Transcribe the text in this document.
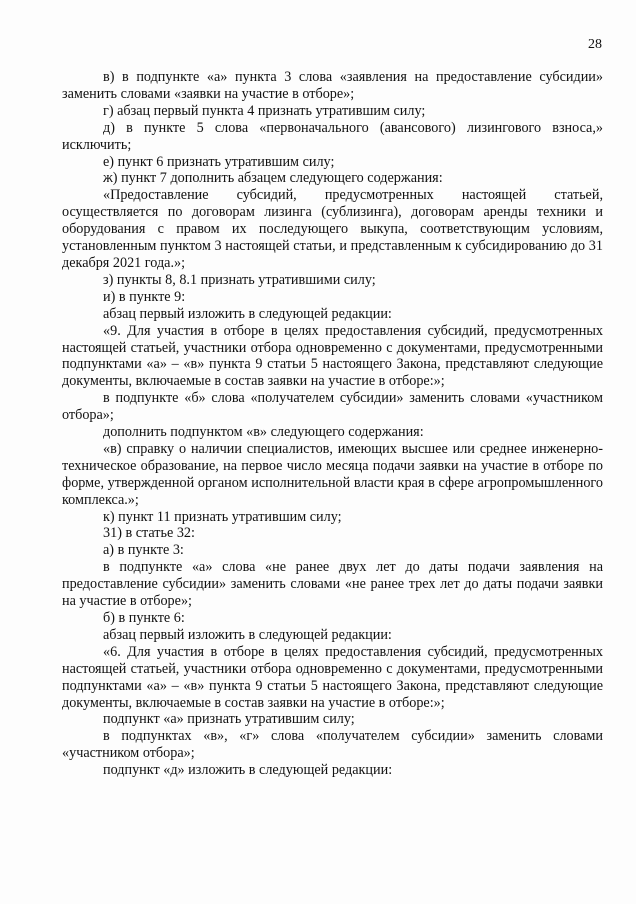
28

в) в подпункте «а» пункта 3 слова «заявления на предоставление субсидии» заменить словами «заявки на участие в отборе»;

г) абзац первый пункта 4 признать утратившим силу;

д) в пункте 5 слова «первоначального (авансового) лизингового взноса,» исключить;

е) пункт 6 признать утратившим силу;

ж) пункт 7 дополнить абзацем следующего содержания:

«Предоставление субсидий, предусмотренных настоящей статьей, осуществляется по договорам лизинга (сублизинга), договорам аренды техники и оборудования с правом их последующего выкупа, соответствующим условиям, установленным пунктом 3 настоящей статьи, и представленным к субсидированию до 31 декабря 2021 года.»;

з) пункты 8, 8.1 признать утратившими силу;

и) в пункте 9:

абзац первый изложить в следующей редакции:

«9. Для участия в отборе в целях предоставления субсидий, предусмотренных настоящей статьей, участники отбора одновременно с документами, предусмотренными подпунктами «а» – «в» пункта 9 статьи 5 настоящего Закона, представляют следующие документы, включаемые в состав заявки на участие в отборе:»;

в подпункте «б» слова «получателем субсидии» заменить словами «участником отбора»;

дополнить подпунктом «в» следующего содержания:

«в) справку о наличии специалистов, имеющих высшее или среднее инженерно-техническое образование, на первое число месяца подачи заявки на участие в отборе по форме, утвержденной органом исполнительной власти края в сфере агропромышленного комплекса.»;

к) пункт 11 признать утратившим силу;

31) в статье 32:

а) в пункте 3:

в подпункте «а» слова «не ранее двух лет до даты подачи заявления на предоставление субсидии» заменить словами «не ранее трех лет до даты подачи заявки на участие в отборе»;

б) в пункте 6:

абзац первый изложить в следующей редакции:

«6. Для участия в отборе в целях предоставления субсидий, предусмотренных настоящей статьей, участники отбора одновременно с документами, предусмотренными подпунктами «а» – «в» пункта 9 статьи 5 настоящего Закона, представляют следующие документы, включаемые в состав заявки на участие в отборе:»;

подпункт «а» признать утратившим силу;

в подпунктах «в», «г» слова «получателем субсидии» заменить словами «участником отбора»;

подпункт «д» изложить в следующей редакции:
